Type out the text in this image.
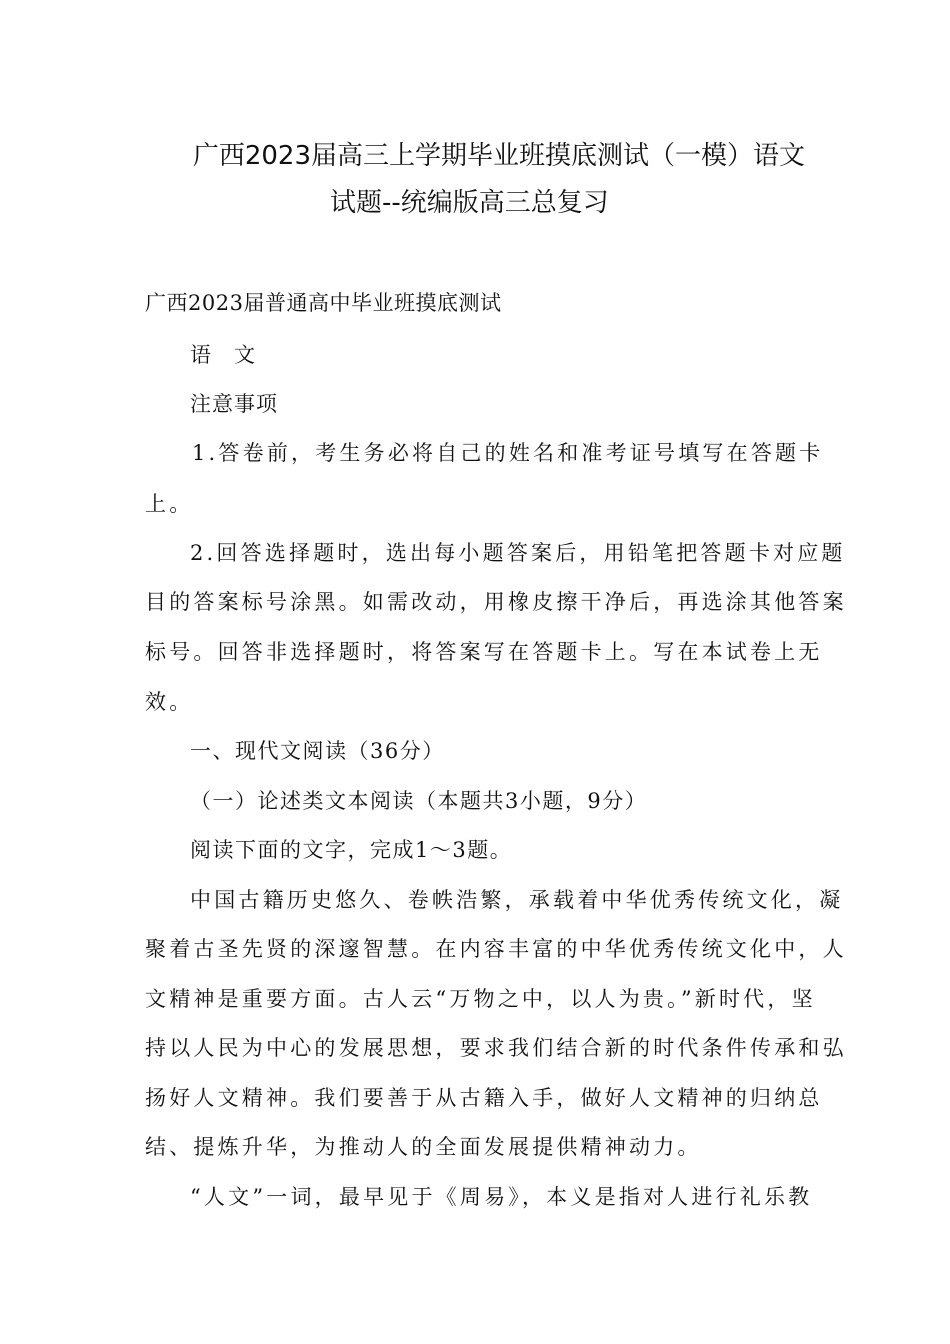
广西2023届高三上学期毕业班摸底测试（一模）语文
试题--统编版高三总复习
广西2023届普通高中毕业班摸底测试
语　文
注意事项
1.答卷前，考生务必将自己的姓名和准考证号填写在答题卡
上。
2.回答选择题时，选出每小题答案后，用铅笔把答题卡对应题
目的答案标号涂黑。如需改动，用橡皮擦干净后，再选涂其他答案
标号。回答非选择题时，将答案写在答题卡上。写在本试卷上无
效。
一、现代文阅读（36分）
（一）论述类文本阅读（本题共3小题，9分）
阅读下面的文字，完成1～3题。
中国古籍历史悠久、卷帙浩繁，承载着中华优秀传统文化，凝
聚着古圣先贤的深邃智慧。在内容丰富的中华优秀传统文化中，人
文精神是重要方面。古人云“万物之中，以人为贵。”新时代，坚
持以人民为中心的发展思想，要求我们结合新的时代条件传承和弘
扬好人文精神。我们要善于从古籍入手，做好人文精神的归纳总
结、提炼升华，为推动人的全面发展提供精神动力。
“人文”一词，最早见于《周易》，本义是指对人进行礼乐教
